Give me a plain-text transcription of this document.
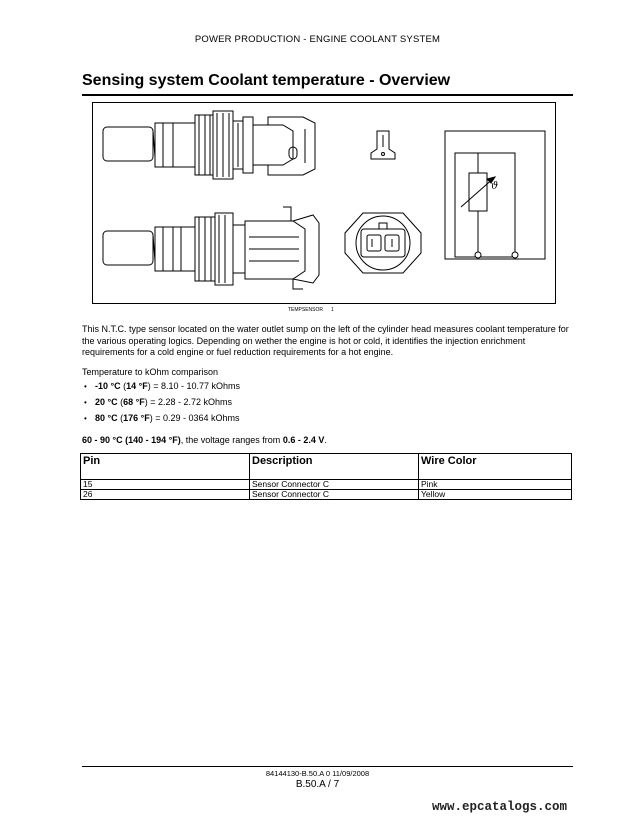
POWER PRODUCTION - ENGINE COOLANT SYSTEM
Sensing system Coolant temperature - Overview
ϑ
TEMPSENSOR 1

This N.T.C. type sensor located on the water outlet sump on the left of the cylinder head measures coolant temperature for the various operating logics. Depending on wether the engine is hot or cold, it identifies the injection enrichment requirements for a cold engine or fuel reduction requirements for a hot engine.

Temperature to kOhm comparison
• -10 °C (14 °F) = 8.10 - 10.77 kOhms
• 20 °C (68 °F) = 2.28 - 2.72 kOhms
• 80 °C (176 °F) = 0.29 - 0364 kOhms
60 - 90 °C (140 - 194 °F), the voltage ranges from 0.6 - 2.4 V.
Pin	Description	Wire Color
15	Sensor Connector C	Pink
26	Sensor Connector C	Yellow
84144130-B.50.A 0 11/09/2008
B.50.A / 7
www.epcatalogs.com
